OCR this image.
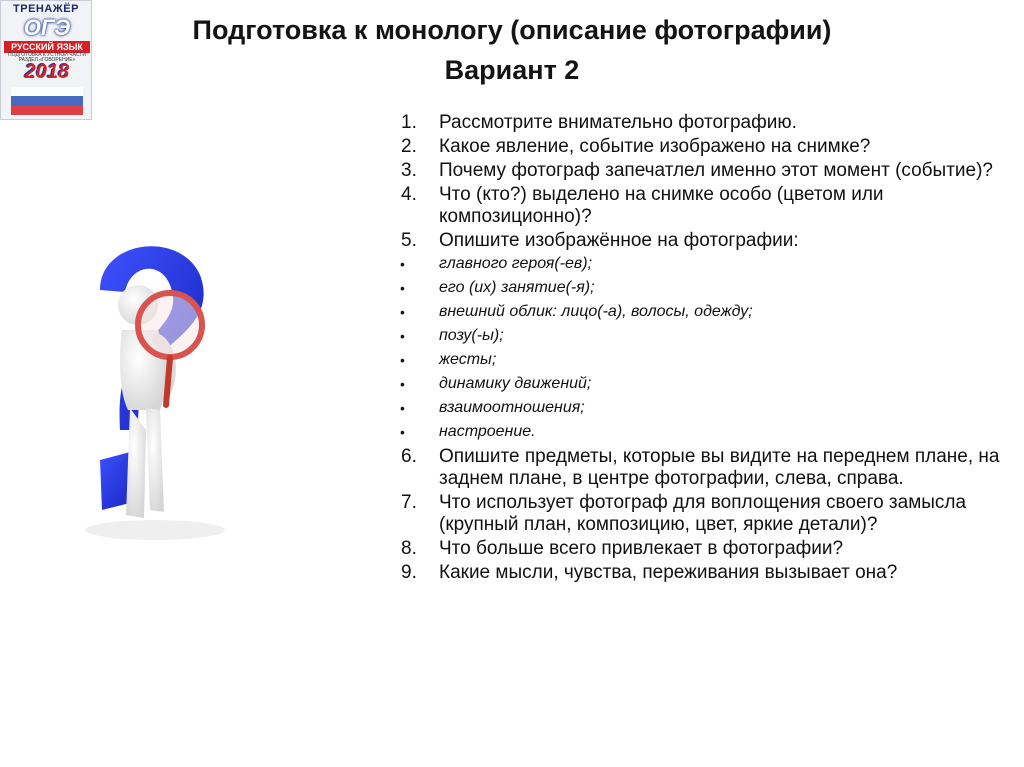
ТРЕНАЖЁР
ОГЭ
РУССКИЙ ЯЗЫК
ПОДГОТОВКА К УСТНОЙ ЧАСТИ РАЗДЕЛ «ГОВОРЕНИЕ»
2018
Подготовка к монологу (описание фотографии)
Вариант 2
1. Рассмотрите внимательно фотографию.
2. Какое явление, событие изображено на снимке?
3. Почему фотограф запечатлел именно этот момент (событие)?
4. Что (кто?) выделено на снимке особо (цветом или композиционно)?
5. Опишите изображённое на фотографии:
• главного героя(-ев);
• его (их) занятие(-я);
• внешний облик: лицо(-а), волосы, одежду;
• позу(-ы);
• жесты;
• динамику движений;
• взаимоотношения;
• настроение.
6. Опишите предметы, которые вы видите на переднем плане, на заднем плане, в центре фотографии, слева, справа.
7. Что использует фотограф для воплощения своего замысла (крупный план, композицию, цвет, яркие детали)?
8. Что больше всего привлекает в фотографии?
9. Какие мысли, чувства, переживания вызывает она?
